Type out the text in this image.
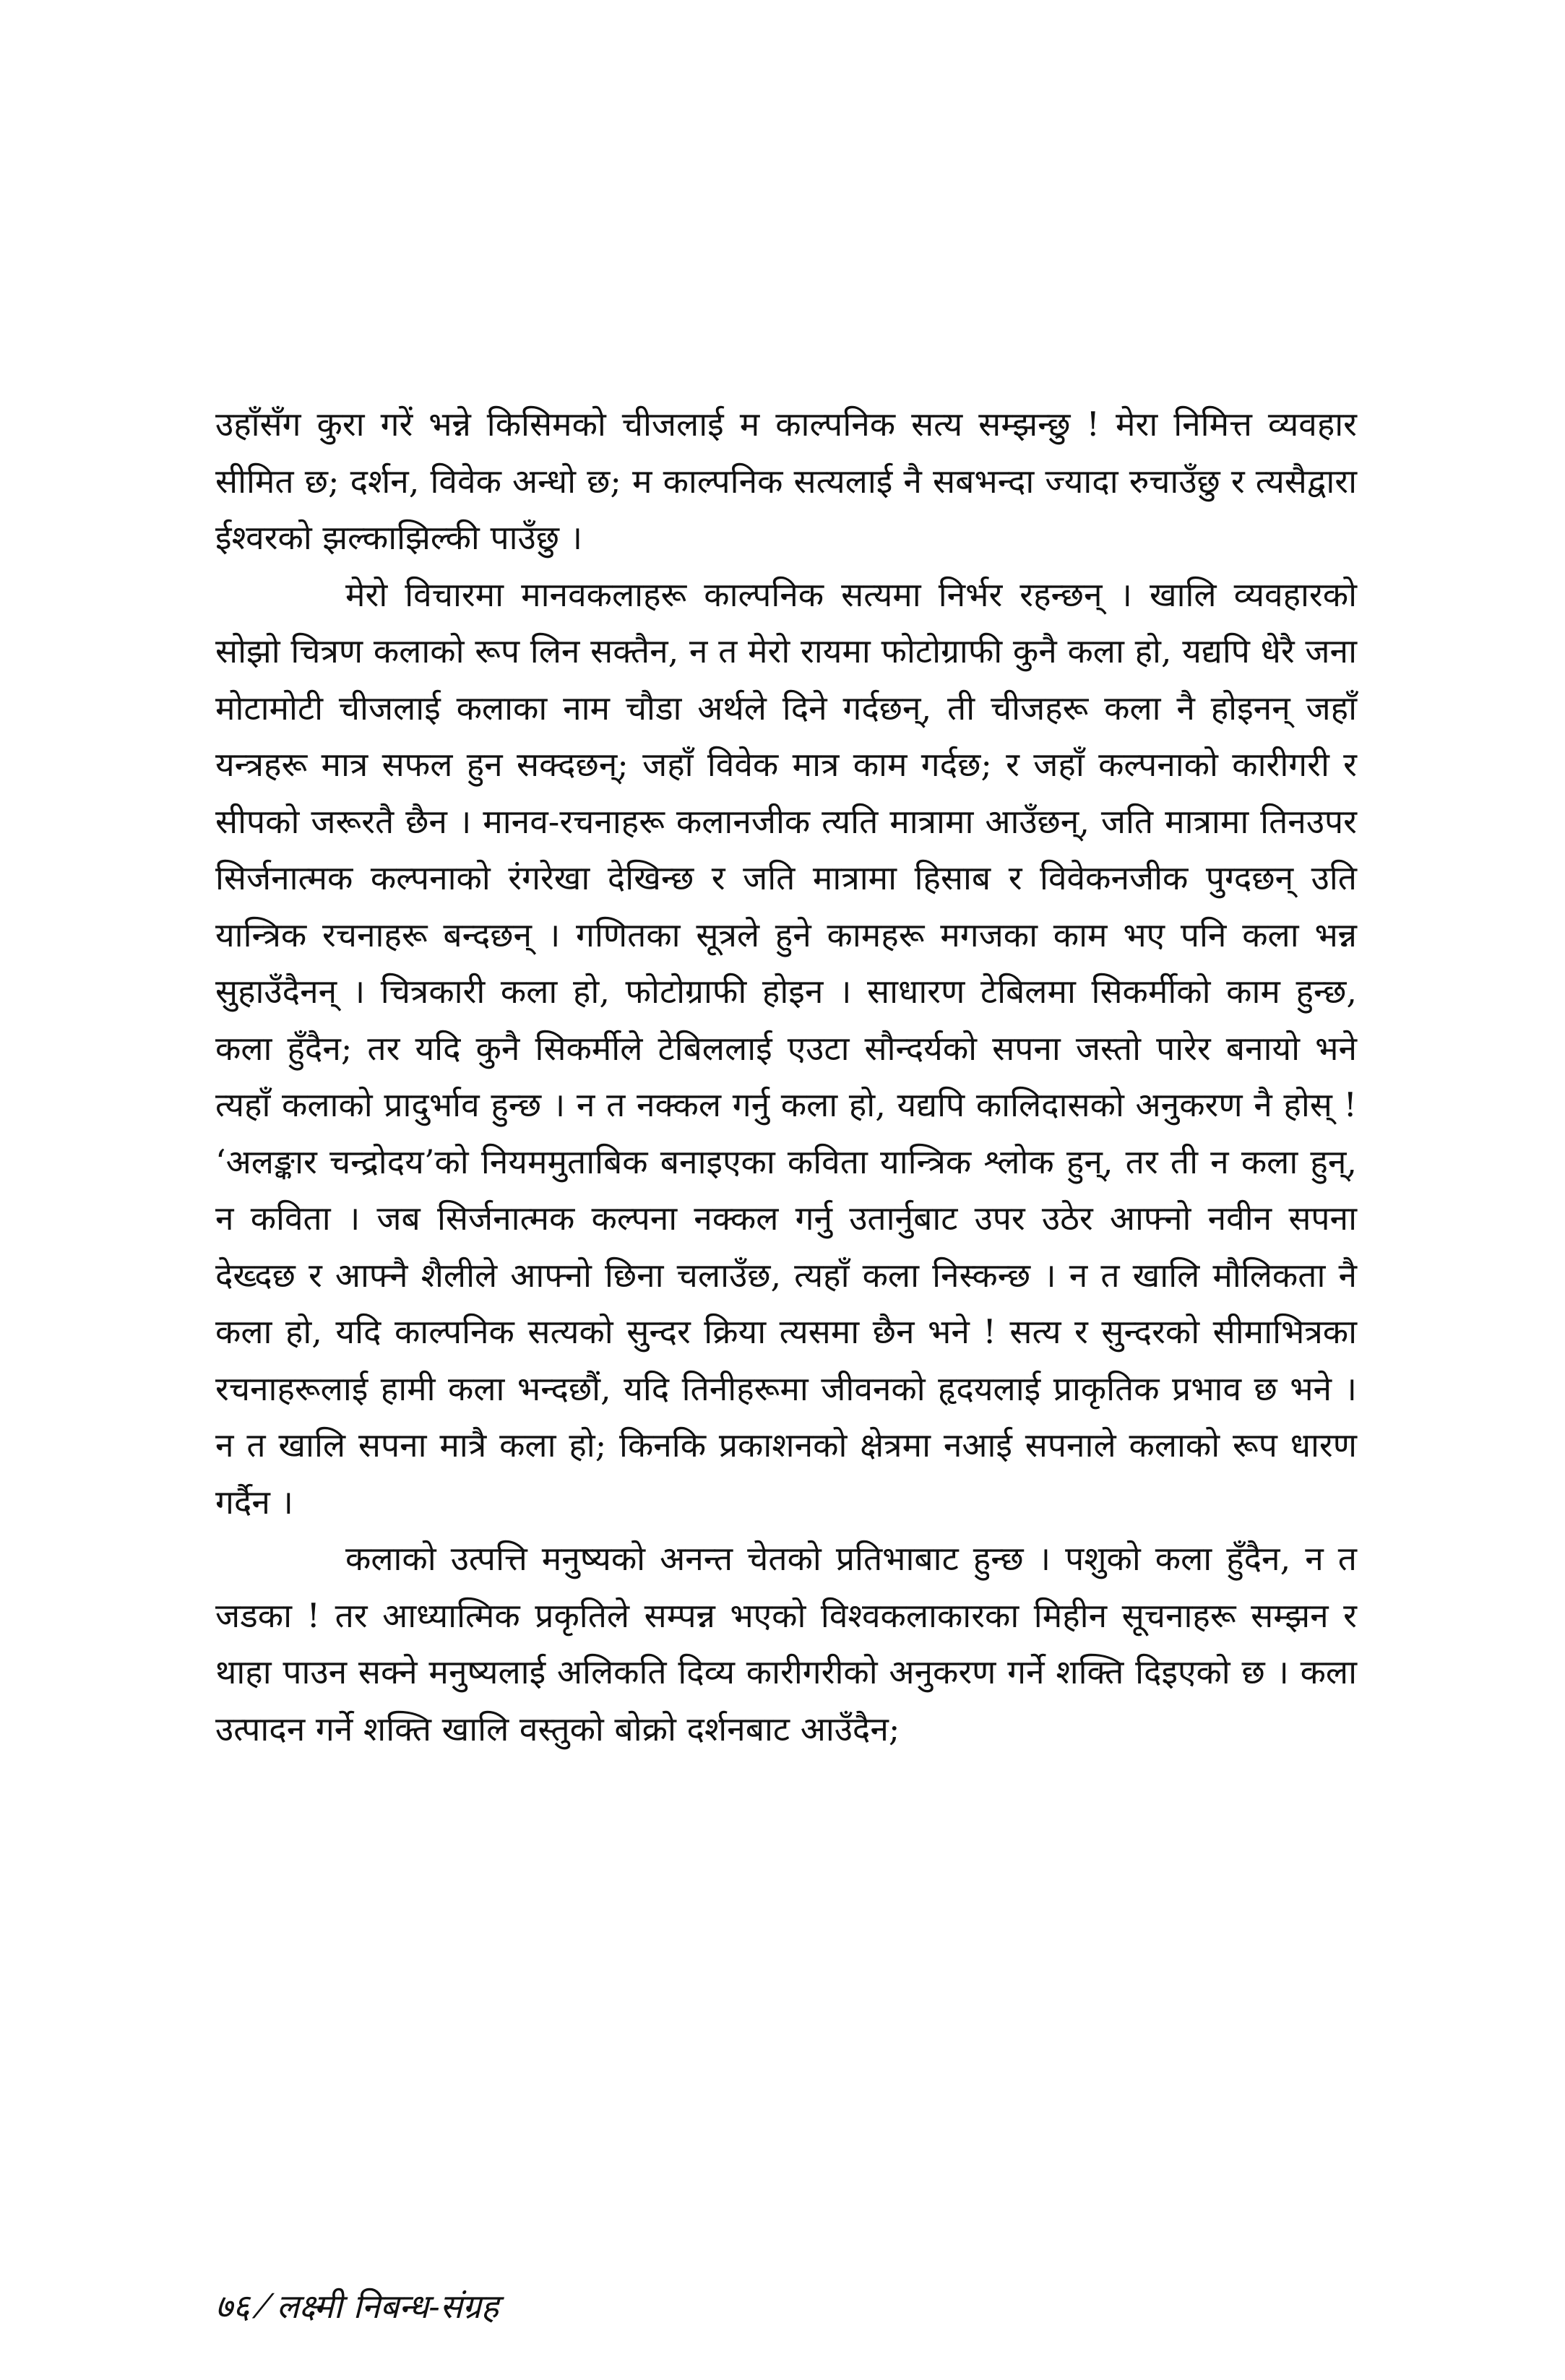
उहाँसँग कुरा गरें भन्ने किसिमको चीजलाई म काल्पनिक सत्य सम्झन्छु ! मेरा निमित्त व्यवहार सीमित छ; दर्शन, विवेक अन्धो छ; म काल्पनिक सत्यलाई नै सबभन्दा ज्यादा रुचाउँछु र त्यसैद्वारा ईश्वरको झल्काझिल्की पाउँछु ।

मेरो विचारमा मानवकलाहरू काल्पनिक सत्यमा निर्भर रहन्छन् । खालि व्यवहारको सोझो चित्रण कलाको रूप लिन सक्तैन, न त मेरो रायमा फोटोग्राफी कुनै कला हो, यद्यपि धेरै जना मोटामोटी चीजलाई कलाका नाम चौडा अर्थले दिने गर्दछन्, ती चीजहरू कला नै होइनन् जहाँ यन्त्रहरू मात्र सफल हुन सक्दछन्; जहाँ विवेक मात्र काम गर्दछ; र जहाँ कल्पनाको कारीगरी र सीपको जरूरतै छैन । मानव-रचनाहरू कलानजीक त्यति मात्रामा आउँछन्, जति मात्रामा तिनउपर सिर्जनात्मक कल्पनाको रंगरेखा देखिन्छ र जति मात्रामा हिसाब र विवेकनजीक पुग्दछन् उति यान्त्रिक रचनाहरू बन्दछन् । गणितका सूत्रले हुने कामहरू मगजका काम भए पनि कला भन्न सुहाउँदैनन् । चित्रकारी कला हो, फोटोग्राफी होइन । साधारण टेबिलमा सिकर्मीको काम हुन्छ, कला हुँदैन; तर यदि कुनै सिकर्मीले टेबिललाई एउटा सौन्दर्यको सपना जस्तो पारेर बनायो भने त्यहाँ कलाको प्रादुर्भाव हुन्छ । न त नक्कल गर्नु कला हो, यद्यपि कालिदासको अनुकरण नै होस् ! ‘अलङ्कार चन्द्रोदय’को नियममुताबिक बनाइएका कविता यान्त्रिक श्लोक हुन्, तर ती न कला हुन्, न कविता । जब सिर्जनात्मक कल्पना नक्कल गर्नु उतार्नुबाट उपर उठेर आफ्नो नवीन सपना देख्दछ र आफ्नै शैलीले आफ्नो छिना चलाउँछ, त्यहाँ कला निस्कन्छ । न त खालि मौलिकता नै कला हो, यदि काल्पनिक सत्यको सुन्दर क्रिया त्यसमा छैन भने ! सत्य र सुन्दरको सीमाभित्रका रचनाहरूलाई हामी कला भन्दछौं, यदि तिनीहरूमा जीवनको हृदयलाई प्राकृतिक प्रभाव छ भने । न त खालि सपना मात्रै कला हो; किनकि प्रकाशनको क्षेत्रमा नआई सपनाले कलाको रूप धारण गर्दैन ।

कलाको उत्पत्ति मनुष्यको अनन्त चेतको प्रतिभाबाट हुन्छ । पशुको कला हुँदैन, न त जडका ! तर आध्यात्मिक प्रकृतिले सम्पन्न भएको विश्वकलाकारका मिहीन सूचनाहरू सम्झन र थाहा पाउन सक्ने मनुष्यलाई अलिकति दिव्य कारीगरीको अनुकरण गर्ने शक्ति दिइएको छ । कला उत्पादन गर्ने शक्ति खालि वस्तुको बोक्रो दर्शनबाट आउँदैन;

७६ ⁄ लक्ष्मी निबन्ध-संग्रह
